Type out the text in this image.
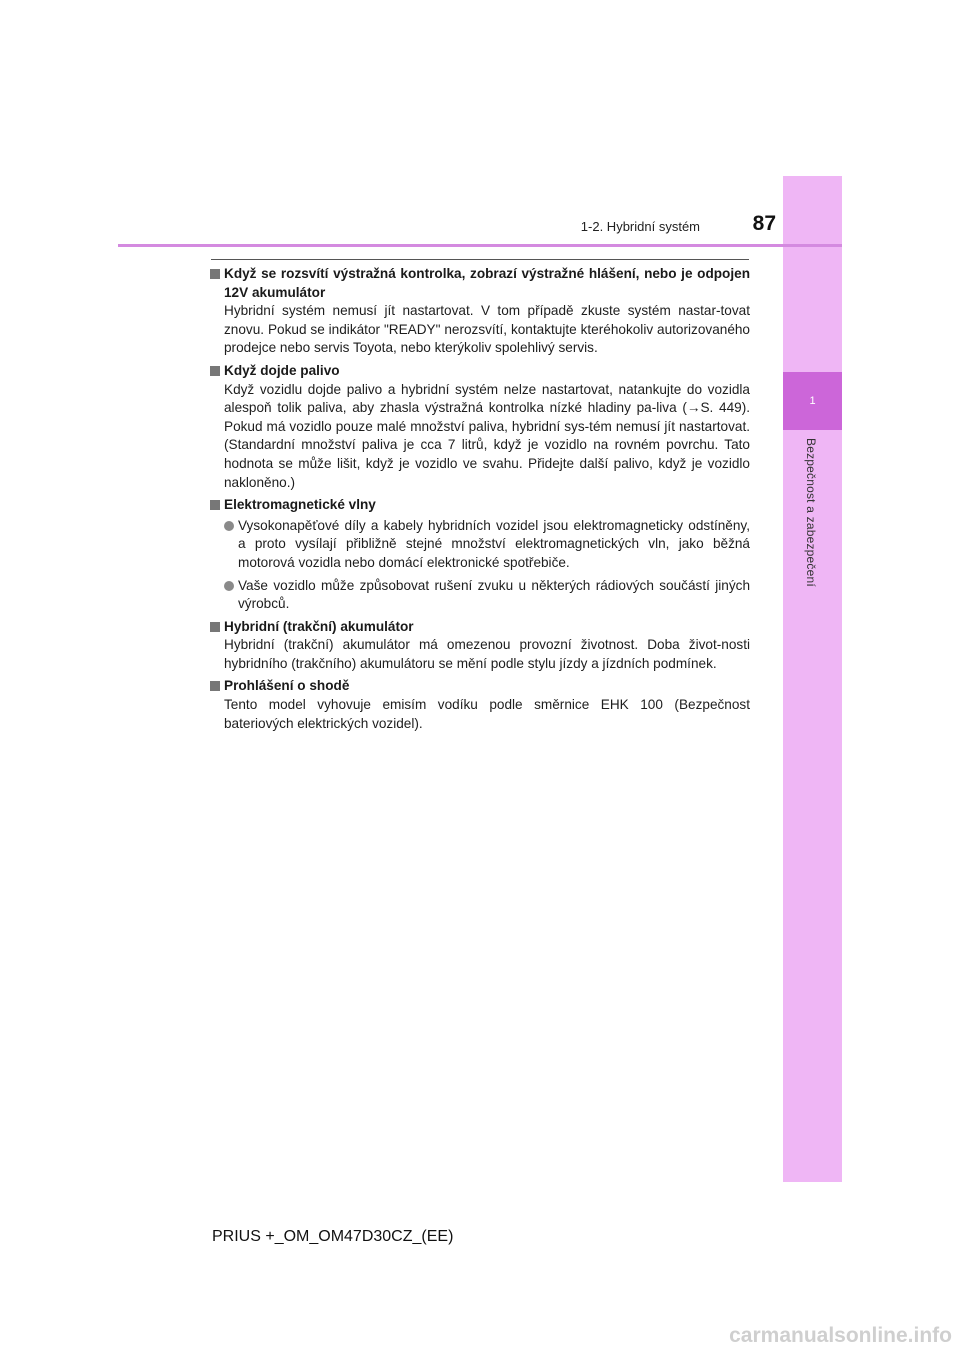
1
Bezpečnost a zabezpečení
1-2. Hybridní systém	87
Když se rozsvítí výstražná kontrolka, zobrazí výstražné hlášení, nebo je odpojen 12V akumulátor
Hybridní systém nemusí jít nastartovat. V tom případě zkuste systém nastar-tovat znovu. Pokud se indikátor "READY" nerozsvítí, kontaktujte kteréhokoliv autorizovaného prodejce nebo servis Toyota, nebo kterýkoliv spolehlivý servis.
Když dojde palivo
Když vozidlu dojde palivo a hybridní systém nelze nastartovat, natankujte do vozidla alespoň tolik paliva, aby zhasla výstražná kontrolka nízké hladiny pa-liva (→S. 449). Pokud má vozidlo pouze malé množství paliva, hybridní sys-tém nemusí jít nastartovat. (Standardní množství paliva je cca 7 litrů, když je vozidlo na rovném povrchu. Tato hodnota se může lišit, když je vozidlo ve svahu. Přidejte další palivo, když je vozidlo nakloněno.)
Elektromagnetické vlny
Vysokonapěťové díly a kabely hybridních vozidel jsou elektromagneticky odstíněny, a proto vysílají přibližně stejné množství elektromagnetických vln, jako běžná motorová vozidla nebo domácí elektronické spotřebiče.
Vaše vozidlo může způsobovat rušení zvuku u některých rádiových součástí jiných výrobců.
Hybridní (trakční) akumulátor
Hybridní (trakční) akumulátor má omezenou provozní životnost. Doba život-nosti hybridního (trakčního) akumulátoru se mění podle stylu jízdy a jízdních podmínek.
Prohlášení o shodě
Tento model vyhovuje emisím vodíku podle směrnice EHK 100 (Bezpečnost bateriových elektrických vozidel).
PRIUS +_OM_OM47D30CZ_(EE)
carmanualsonline.info
